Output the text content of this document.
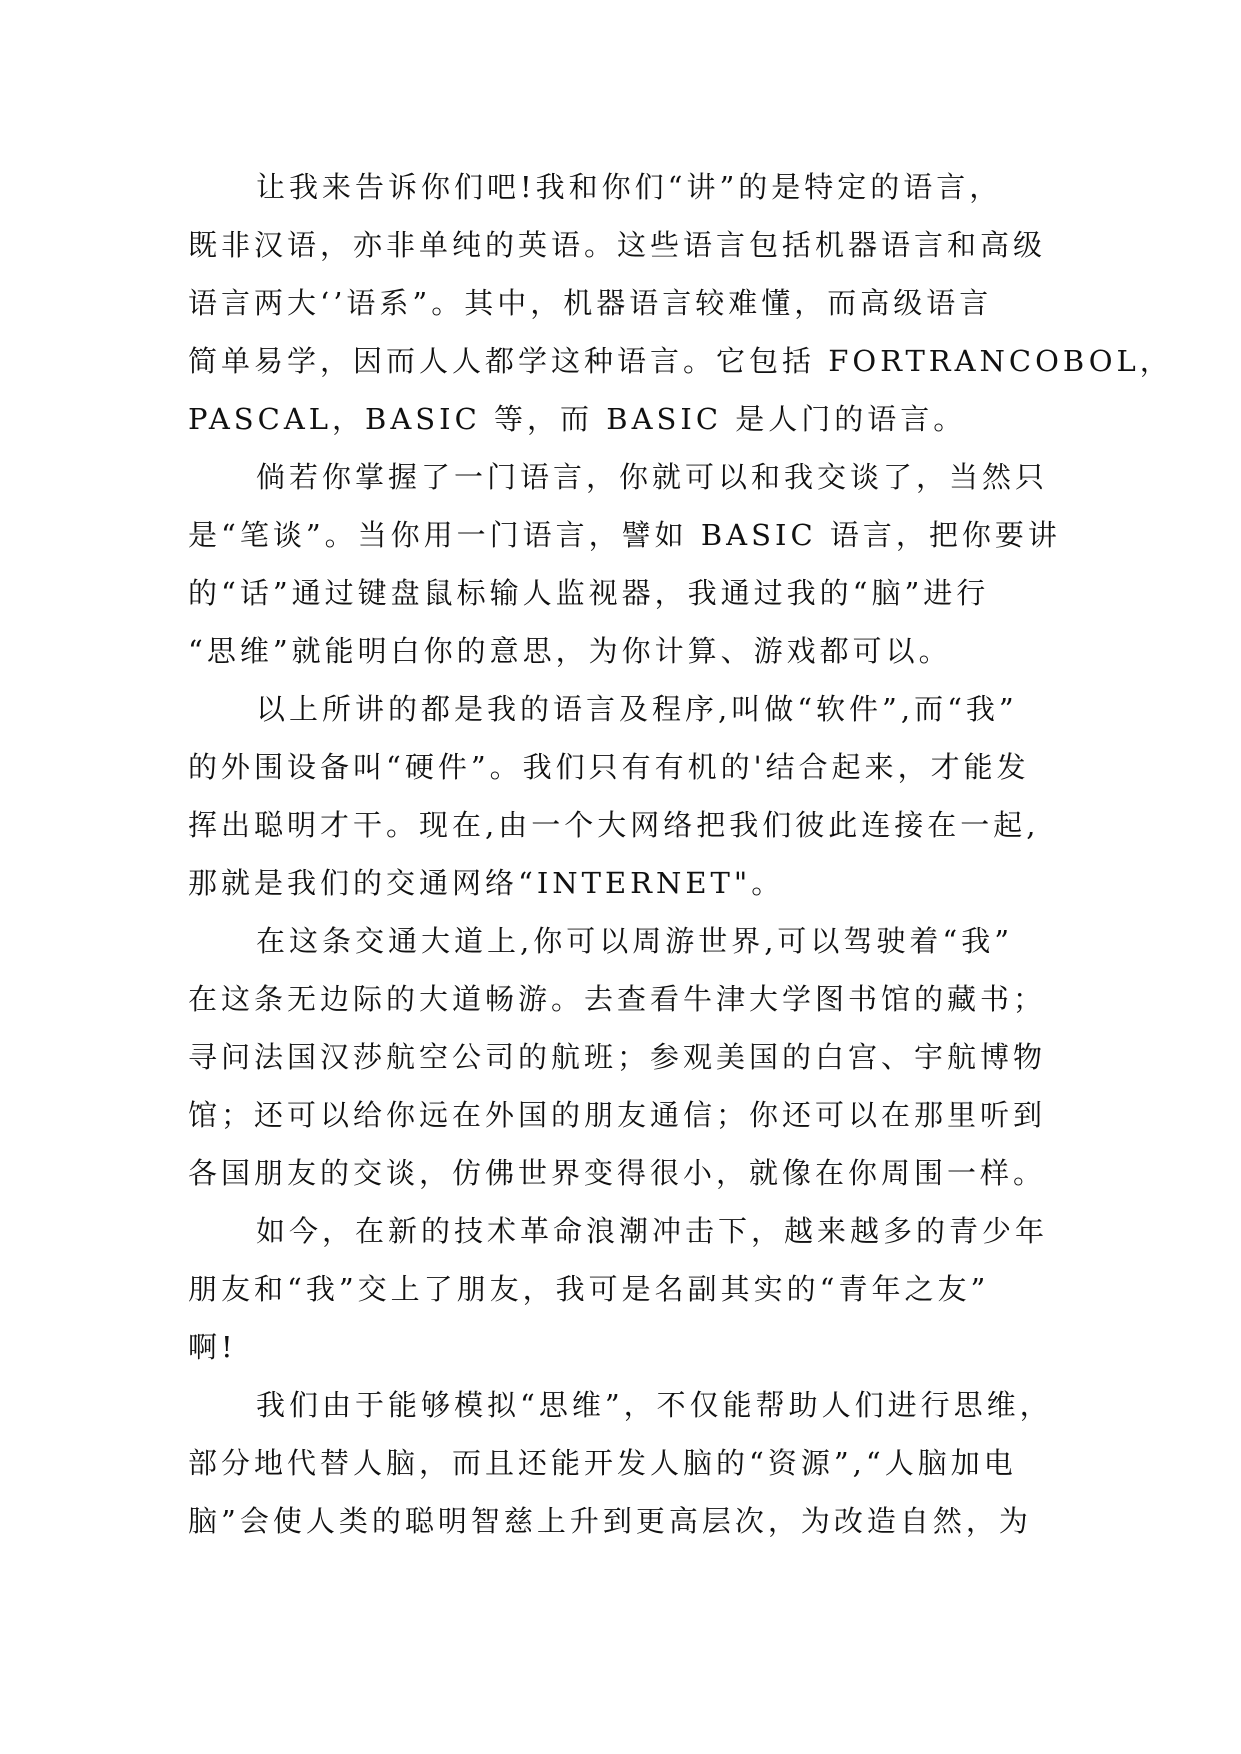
让我来告诉你们吧!我和你们“讲”的是特定的语言，
既非汉语，亦非单纯的英语。这些语言包括机器语言和高级
语言两大‘’语系”。其中，机器语言较难懂，而高级语言
简单易学，因而人人都学这种语言。它包括 FORTRANCOBOL，
PASCAL，BASIC 等，而 BASIC 是人门的语言。
倘若你掌握了一门语言，你就可以和我交谈了，当然只
是“笔谈”。当你用一门语言，譬如 BASIC 语言，把你要讲
的“话”通过键盘鼠标输人监视器，我通过我的“脑”进行
“思维”就能明白你的意思，为你计算、游戏都可以。
以上所讲的都是我的语言及程序,叫做“软件”,而“我”
的外围设备叫“硬件”。我们只有有机的'结合起来，才能发
挥出聪明才干。现在,由一个大网络把我们彼此连接在一起,
那就是我们的交通网络“INTERNET"。
在这条交通大道上,你可以周游世界,可以驾驶着“我”
在这条无边际的大道畅游。去查看牛津大学图书馆的藏书；
寻问法国汉莎航空公司的航班；参观美国的白宫、宇航博物
馆；还可以给你远在外国的朋友通信；你还可以在那里听到
各国朋友的交谈，仿佛世界变得很小，就像在你周围一样。
如今，在新的技术革命浪潮冲击下，越来越多的青少年
朋友和“我”交上了朋友，我可是名副其实的“青年之友”
啊!
我们由于能够模拟“思维”，不仅能帮助人们进行思维，
部分地代替人脑，而且还能开发人脑的“资源”,“人脑加电
脑”会使人类的聪明智慈上升到更高层次，为改造自然，为
